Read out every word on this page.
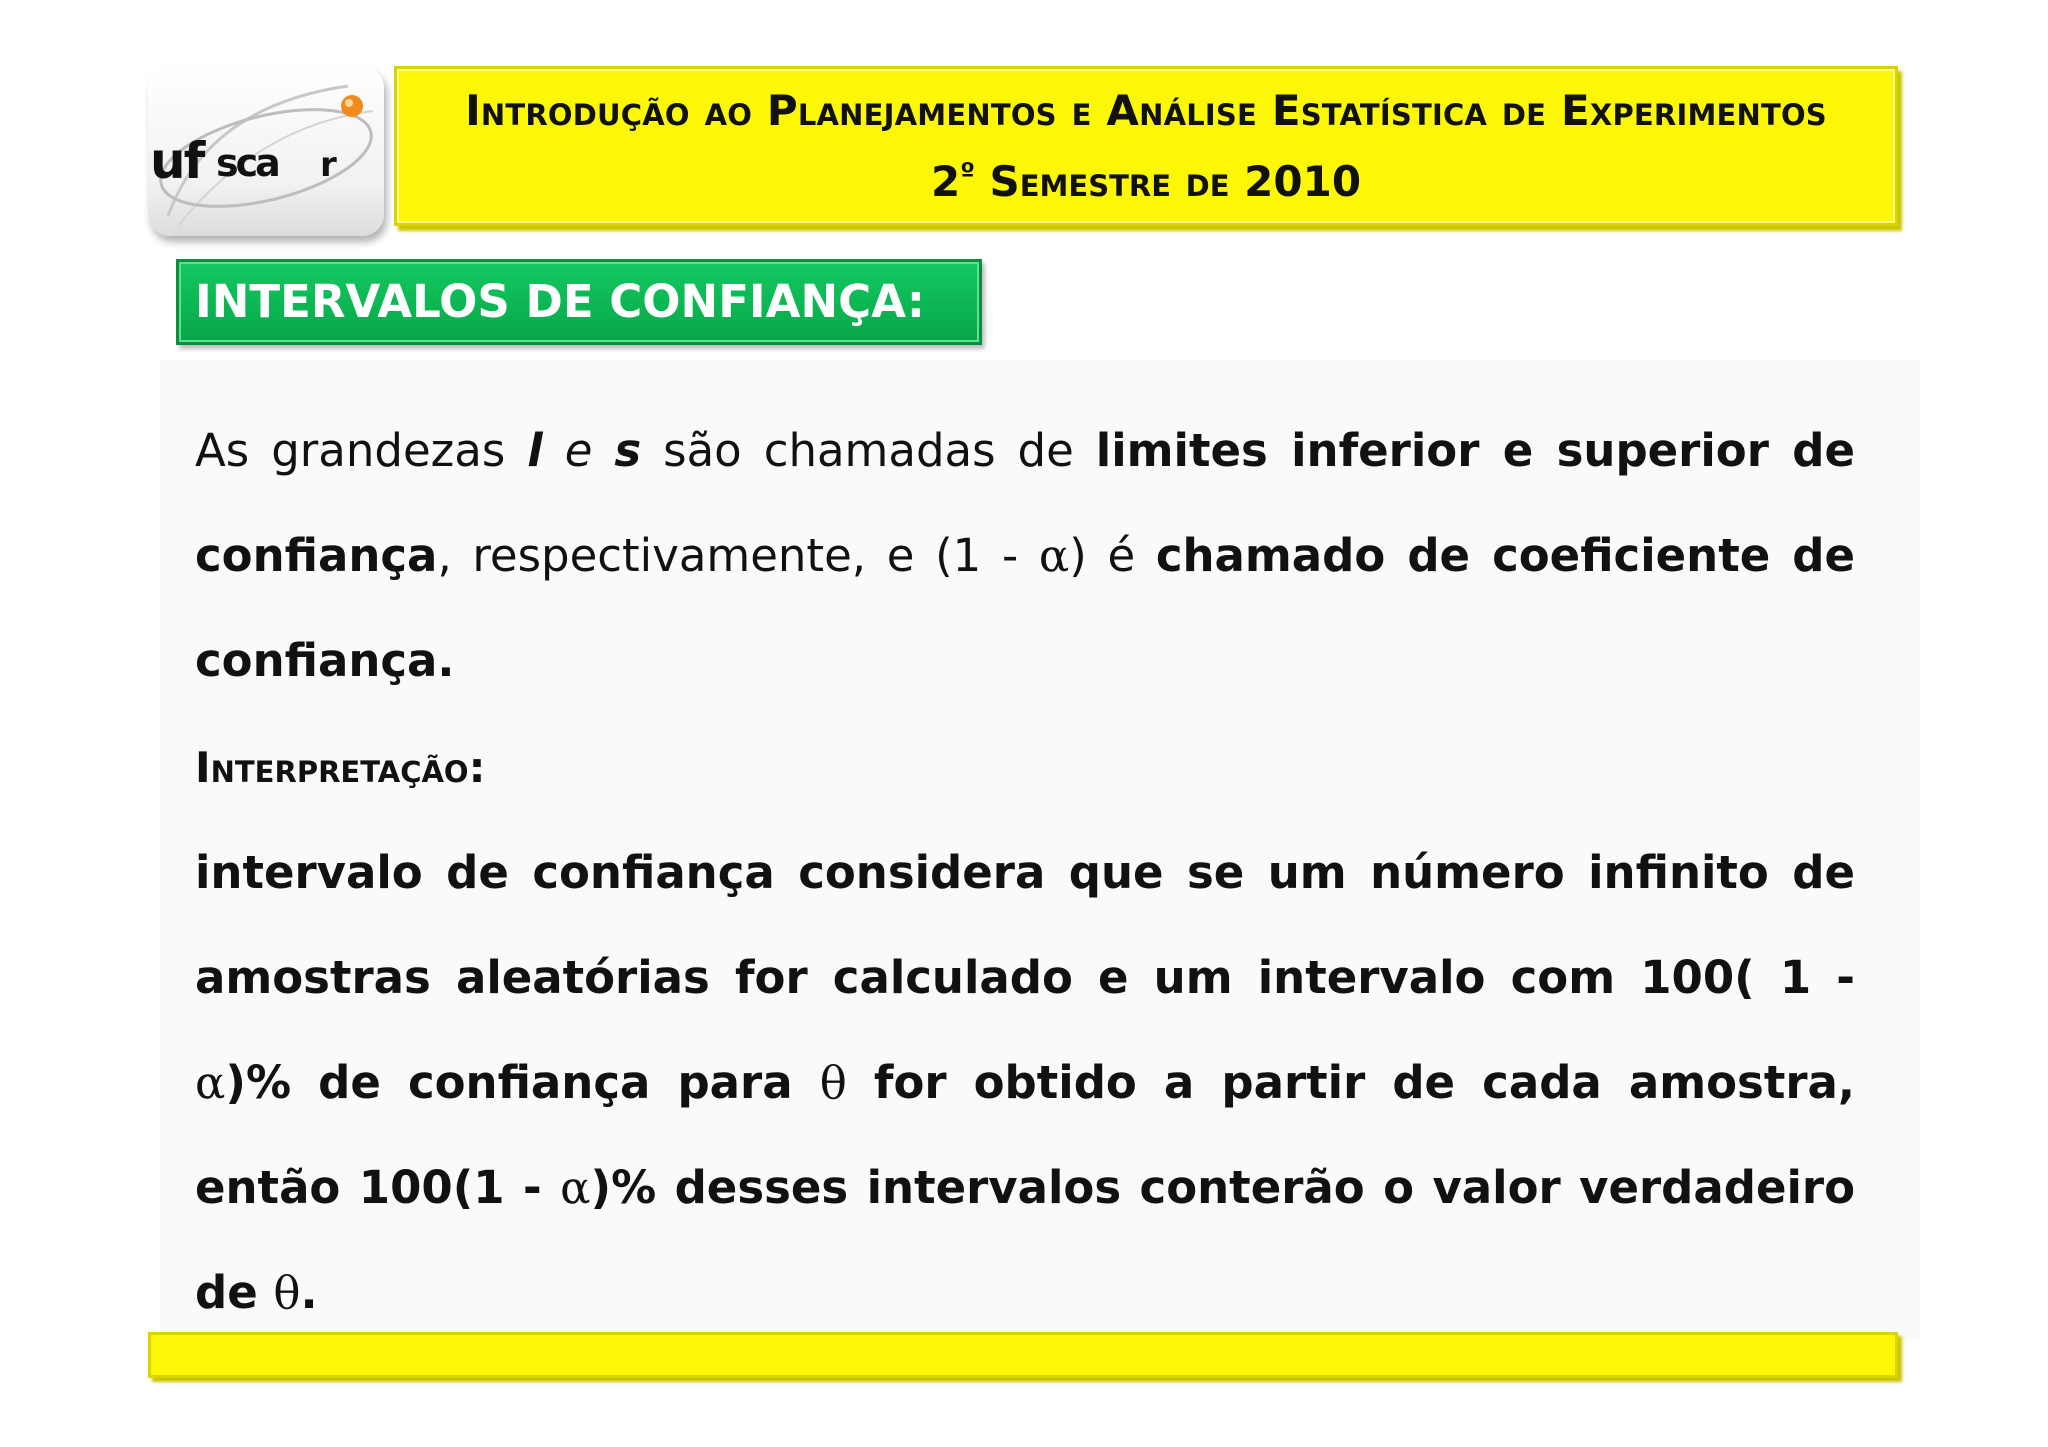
uf sca r
Introdução ao Planejamentos e Análise Estatística de Experimentos
$2^º$ Semestre de 2010
INTERVALOS DE CONFIANÇA:
As grandezas l e s são chamadas de limites inferior e superior de confiança, respectivamente, e (1 - α) é chamado de coeficiente de confiança.
Interpretação:
intervalo de confiança considera que se um número infinito de amostras aleatórias for calculado e um intervalo com 100( 1 - α)% de confiança para θ for obtido a partir de cada amostra, então 100(1 - α)% desses intervalos conterão o valor verdadeiro de θ.
